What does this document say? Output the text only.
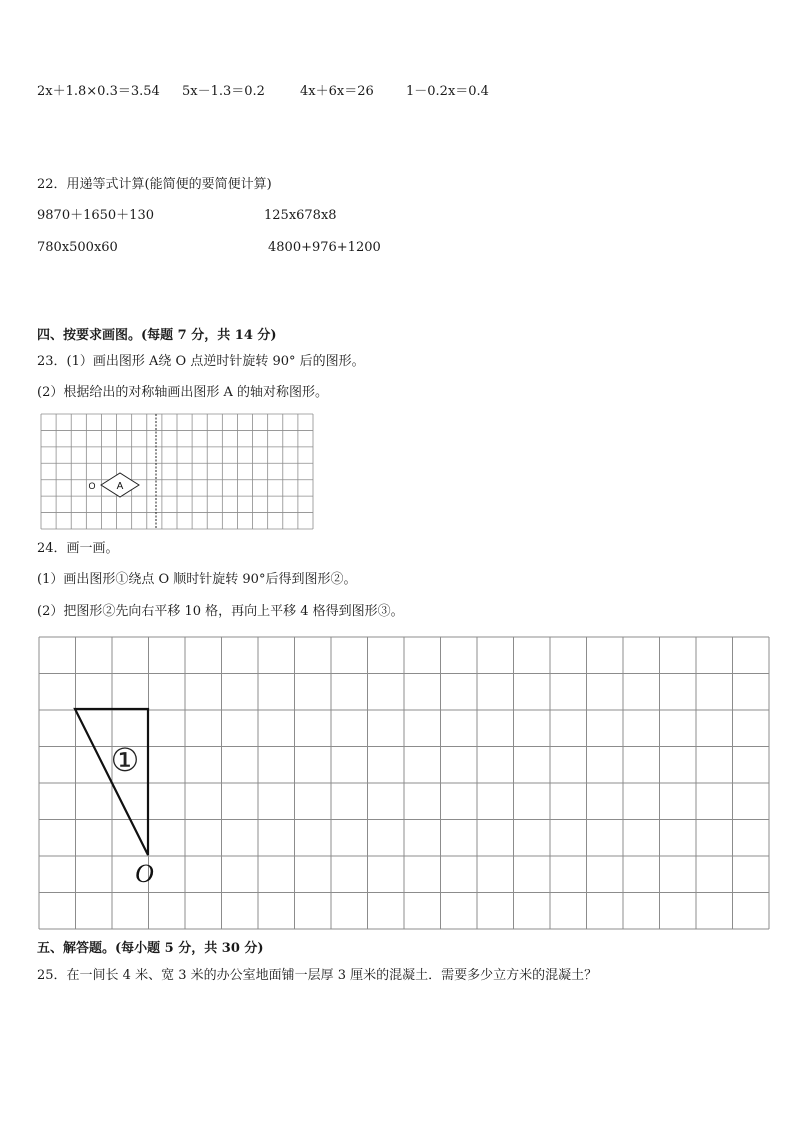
2x＋1.8×0.3＝3.54 5x－1.3＝0.2	4x＋6x＝26 1－0.2x＝0.4
22．用递等式计算(能简便的要简便计算)
9870＋1650＋130	125x678x8
780x500x60	4800+976+1200
四、按要求画图。(每题 7 分，共 14 分)
23．(1）画出图形 A绕 O 点逆时针旋转 90° 后的图形。
(2）根据给出的对称轴画出图形 A 的轴对称图形。
A
O
24．画一画。
(1）画出图形①绕点 O 顺时针旋转 90°后得到图形②。
(2）把图形②先向右平移 10 格，再向上平移 4 格得到图形③。
①
O
五、解答题。(每小题 5 分，共 30 分)
25．在一间长 4 米、宽 3 米的办公室地面铺一层厚 3 厘米的混凝土．需要多少立方米的混凝土？
